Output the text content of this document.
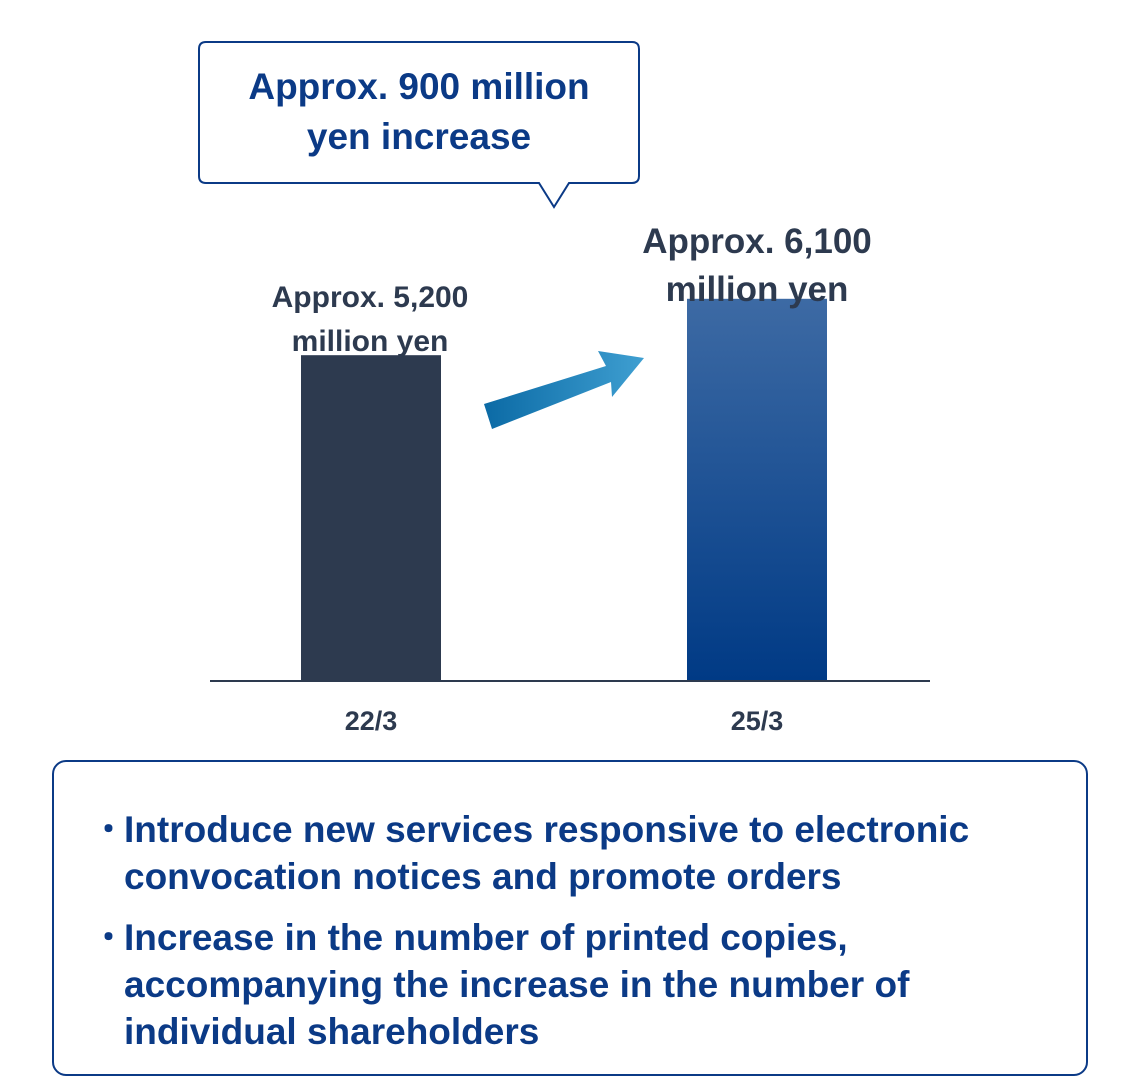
Approx. 900 million
yen increase
Approx. 5,200
million yen
Approx. 6,100
million yen
22/3	25/3
・
Introduce new services responsive to electronic convocation notices and promote orders
・
Increase in the number of printed copies, accompanying the increase in the number of individual shareholders
